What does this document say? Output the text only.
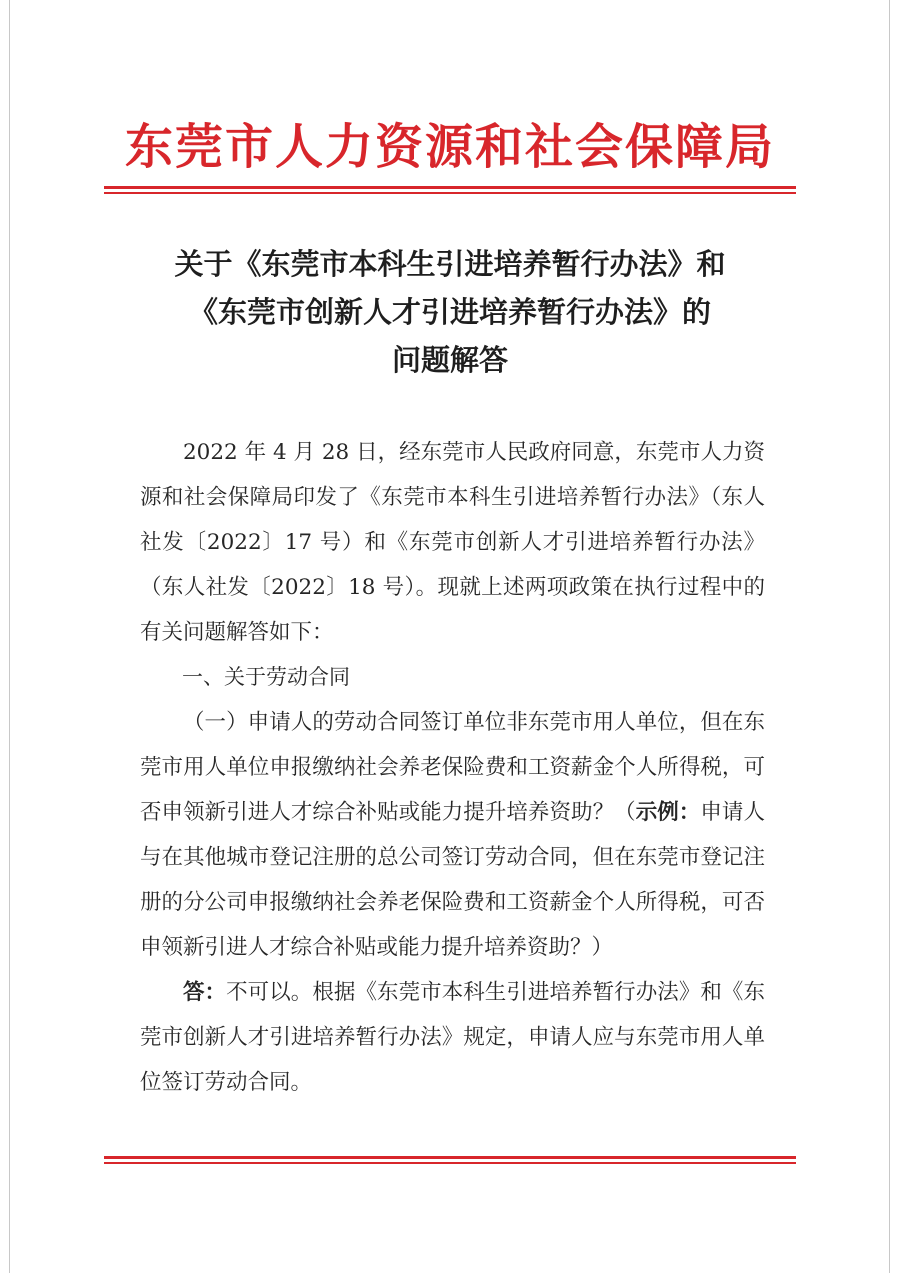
东莞市人力资源和社会保障局
关于《东莞市本科生引进培养暂行办法》和
《东莞市创新人才引进培养暂行办法》的
问题解答

2022 年 4 月 28 日，经东莞市人民政府同意，东莞市人力资源和社会保障局印发了《东莞市本科生引进培养暂行办法》（东人社发〔2022〕17 号）和《东莞市创新人才引进培养暂行办法》（东人社发〔2022〕18 号）。现就上述两项政策在执行过程中的有关问题解答如下：

一、关于劳动合同

（一）申请人的劳动合同签订单位非东莞市用人单位，但在东莞市用人单位申报缴纳社会养老保险费和工资薪金个人所得税，可否申领新引进人才综合补贴或能力提升培养资助？（示例：申请人与在其他城市登记注册的总公司签订劳动合同，但在东莞市登记注册的分公司申报缴纳社会养老保险费和工资薪金个人所得税，可否申领新引进人才综合补贴或能力提升培养资助？）

答：不可以。根据《东莞市本科生引进培养暂行办法》和《东莞市创新人才引进培养暂行办法》规定，申请人应与东莞市用人单位签订劳动合同。
